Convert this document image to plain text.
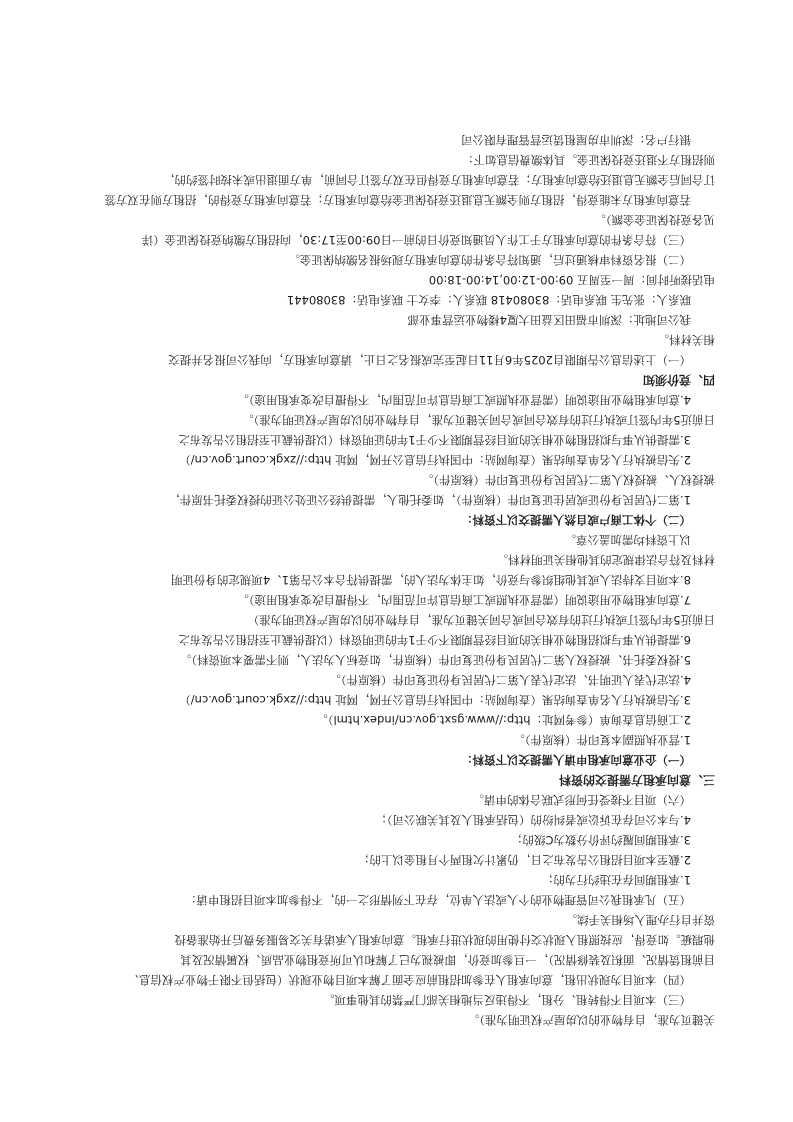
关键页为准，自有物业的以房屋产权证明为准）。
（三）本项目不得转租、分租，不得违反当地相关部门严禁的其他事项。
（四）本项目为现状出租，意向承租人在参加招租前应全面了解本项目物业现状（包括但不限于物业产权信息、
目前租赁情况、面积及装修情况），一旦参加竞价，即被视为已了解和认可所竞租物业品质、权属情况及其
他瑕疵。如竞得，应按照租入现状交付使用的现状进行承租。意向承租人承诺有关交易服务费后开始准备投
资并自行办理入场相关手续。
（五）凡承租我公司管理物业的个人或法人单位，存在下列情形之一的，不得参加本项目招租申请：
1.承租期间存在违约行为的；
2.截至本项目招租公告发布之日，仍累计欠租两个月租金以上的；
3.承租期间履约评价分数为C级的；
4.与本公司存在诉讼或者纠纷的（包括承租人及其关联公司）；
（六）项目不接受任何形式联合体的申请。
三、意向承租方需提交的资料
（一）企业意向承租申请人需提交以下资料：
1.营业执照副本复印件（核原件）。
2.工商信息查询单（参考网址：http://www.gsxt.gov.cn/index.html）。
3.失信被执行人名单查询结果（查询网站：中国执行信息公开网，网址 http://zxgk.court.gov.cn/）
4.法定代表人证明书、法定代表人第二代居民身份证复印件（核原件）。
5.授权委托书、被授权人第二代居民身份证复印件（核原件，如竞标人为法人，则不需要本项资料）。
6.需提供从事与拟招租物业相关的项目经营期限不少于1年的证明资料（以提供截止至招租公告发布之
日前近5年内签订或执行过的有效合同或合同关键页为准，自有物业的以房屋产权证明为准）
7.意向承租物业用途说明（需营业执照或工商信息许可范围内，不得擅自改变承租用途）。
8.本项目支持法人或其他组织参与竞价，如主体为法人的，需提供符合本公告第1、4项规定的身份证明
材料及符合法律规定的其他相关证明材料。
以上资料均需加盖公章。
（二）个体工商户或自然人需提交以下资料：
1.第二代居民身份证或居住证复印件（核原件），如委托他人，需提供经公证处公证的授权委托书原件，
被授权人、被授权人第二代居民身份证复印件（核原件）。
2.失信被执行人名单查询结果（查询网站：中国执行信息公开网，网址 http://zxgk.court.gov.cn/）
3.需提供从事与拟招租物业相关的项目经营期限不少于1年的证明资料（以提供截止至招租公告发布之
日前近5年内签订或执行过的有效合同或合同关键页为准，自有物业的以房屋产权证明为准）。
4.意向承租物业用途说明（需营业执照或工商信息许可范围内，不得擅自改变承租用途）。
四、竞价须知
（一）上述信息公告期限自2025年6月11日起至完成报名之日止，请意向承租方，向我公司报名并提交
相关材料。
我公司地址：深圳市福田区益田大厦4楼物业运营事业部
联系人：张先生 联系电话：83080418 联系人：李女士 联系电话：83080441
电话接听时间：周一至周五 09:00-12:00,14:00-18:00
（二）报名资料审核通过后，通知符合条件的意向承租方现场报名缴纳保证金。
（三）符合条件的意向承租方于工作人员通知竞价日的前一日09:00至17:30，向招租方缴纳竞投保证金（详
见各竞投保证金金额）。
若意向承租方未能竞得，招租方则全额无息退还竞投保证金给意向承租方；若意向承租方竞得的，招租方则在双方签
订合同后全额无息退还给意向承租方；若意向承租方竞得但在双方签订合同前，单方面退出或未按时签约的，
则招租方不退还竞投保证金。具体缴费信息如下：
银行户名：深圳市房屋租赁运营管理有限公司
